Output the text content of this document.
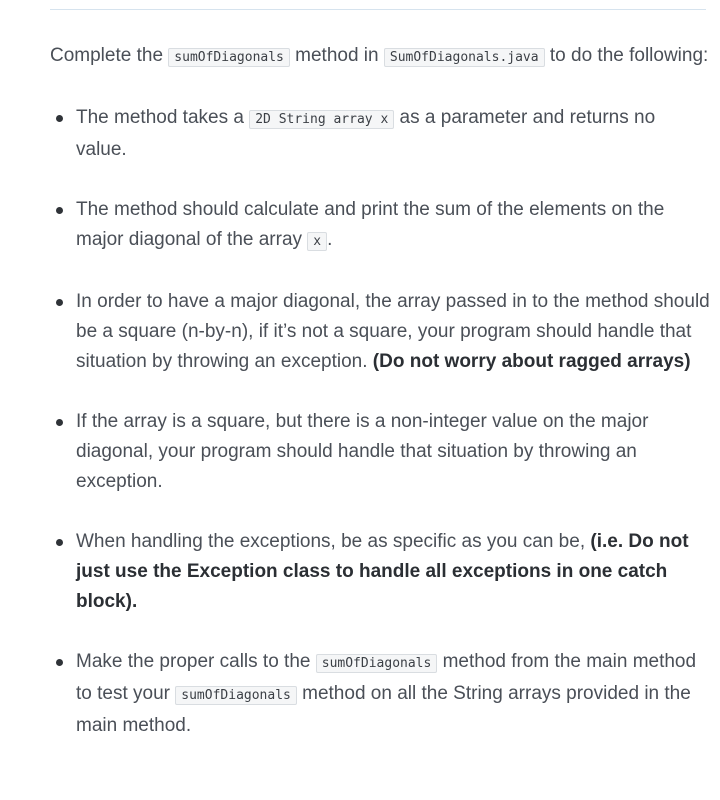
Complete the sumOfDiagonals method in SumOfDiagonals.java to do the following:

The method takes a 2D String array x as a parameter and returns no value.
The method should calculate and print the sum of the elements on the major diagonal of the array x .
In order to have a major diagonal, the array passed in to the method should be a square (n-by-n), if it’s not a square, your program should handle that situation by throwing an exception. (Do not worry about ragged arrays)
If the array is a square, but there is a non-integer value on the major diagonal, your program should handle that situation by throwing an exception.
When handling the exceptions, be as specific as you can be, (i.e. Do not just use the Exception class to handle all exceptions in one catch block).
Make the proper calls to the sumOfDiagonals method from the main method to test your sumOfDiagonals method on all the String arrays provided in the main method.
